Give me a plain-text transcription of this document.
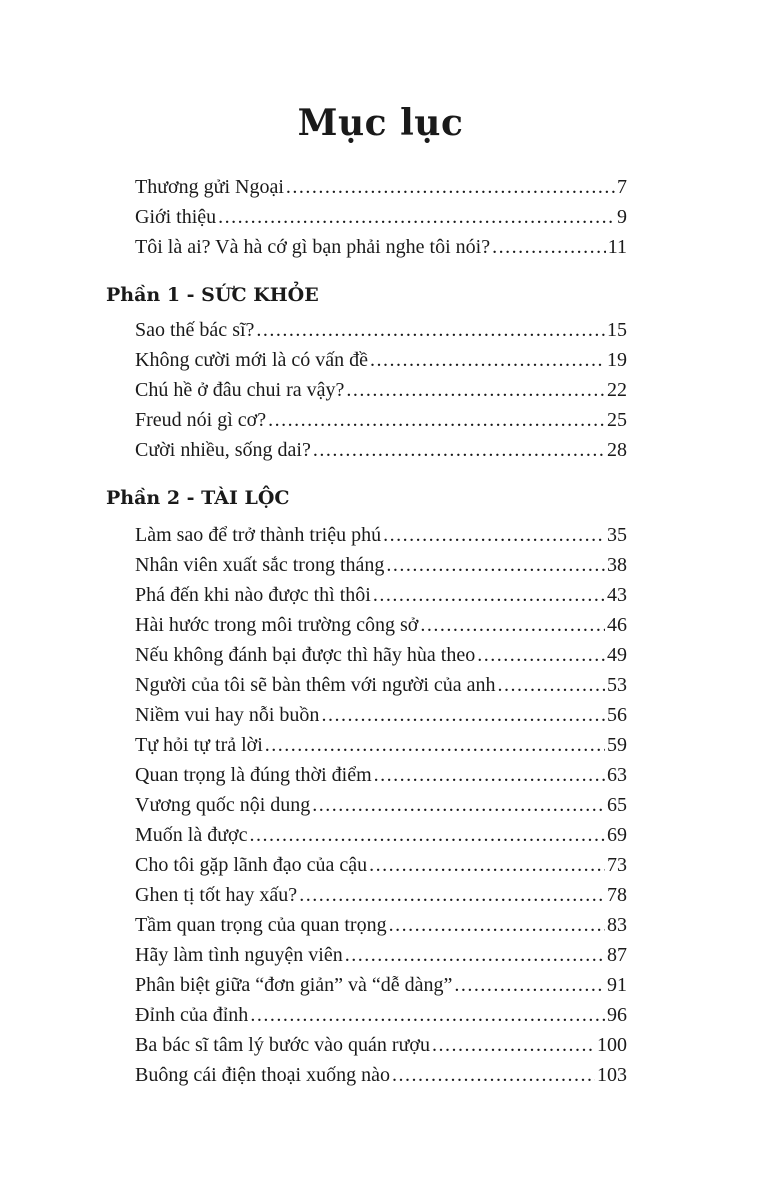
Mục lục
Thương gửi Ngoại .....	7
Giới thiệu .....	9
Tôi là ai? Và hà cớ gì bạn phải nghe tôi nói? .....	11
Phần 1 - SỨC KHỎE
Sao thế bác sĩ? .....	15
Không cười mới là có vấn đề .....	19
Chú hề ở đâu chui ra vậy? .....	22
Freud nói gì cơ? .....	25
Cười nhiều, sống dai? .....	28
Phần 2 - TÀI LỘC
Làm sao để trở thành triệu phú .....	35
Nhân viên xuất sắc trong tháng .....	38
Phá đến khi nào được thì thôi .....	43
Hài hước trong môi trường công sở .....	46
Nếu không đánh bại được thì hãy hùa theo .....	49
Người của tôi sẽ bàn thêm với người của anh .....	53
Niềm vui hay nỗi buồn .....	56
Tự hỏi tự trả lời .....	59
Quan trọng là đúng thời điểm .....	63
Vương quốc nội dung .....	65
Muốn là được .....	69
Cho tôi gặp lãnh đạo của cậu .....	73
Ghen tị tốt hay xấu? .....	78
Tầm quan trọng của quan trọng .....	83
Hãy làm tình nguyện viên .....	87
Phân biệt giữa “đơn giản” và “dễ dàng” .....	91
Đỉnh của đỉnh .....	96
Ba bác sĩ tâm lý bước vào quán rượu .....	100
Buông cái điện thoại xuống nào .....	103
